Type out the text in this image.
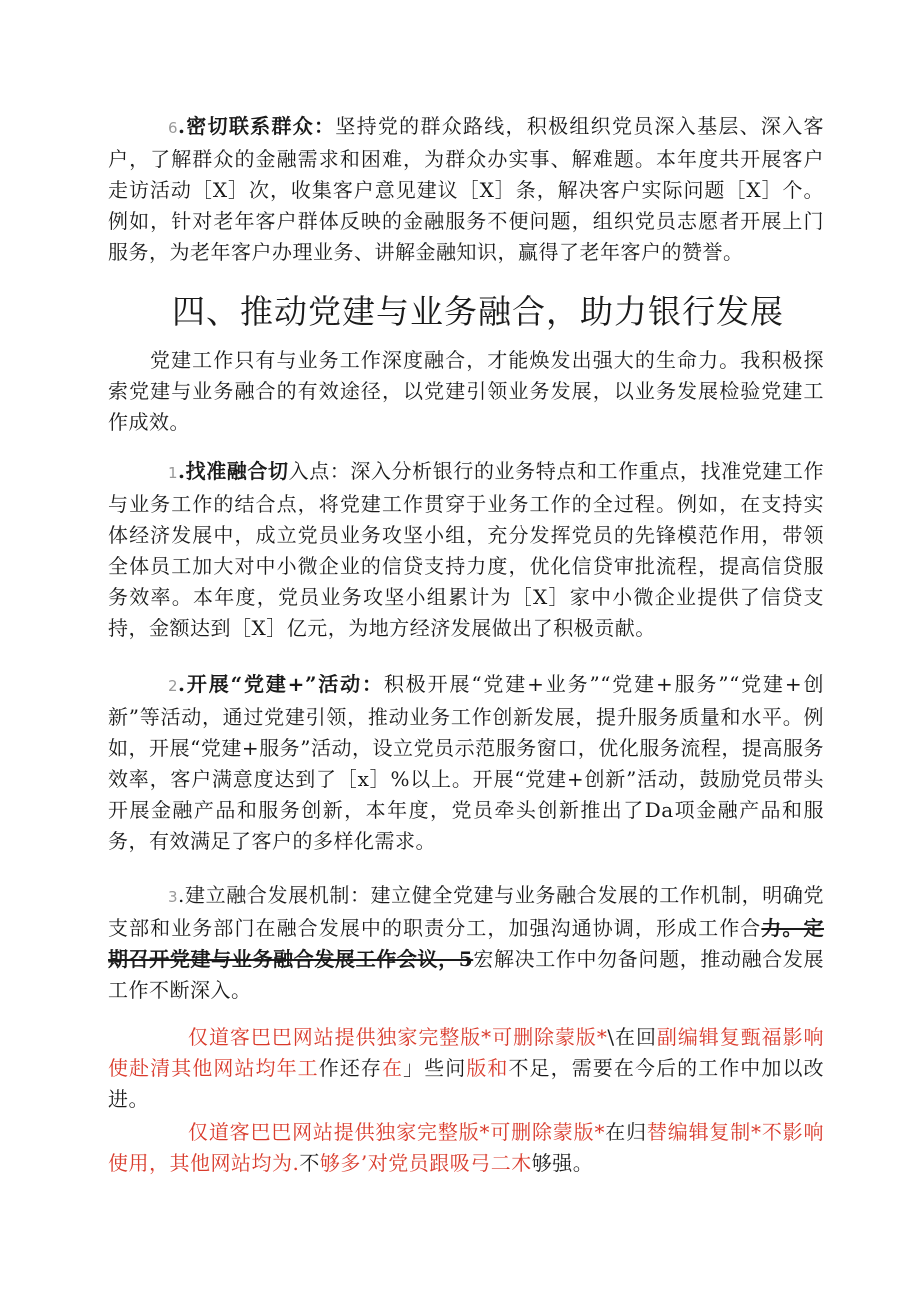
6.密切联系群众：坚持党的群众路线，积极组织党员深入基层、深入客户，了解群众的金融需求和困难，为群众办实事、解难题。本年度共开展客户走访活动［X］次，收集客户意见建议［X］条，解决客户实际问题［X］个。例如，针对老年客户群体反映的金融服务不便问题，组织党员志愿者开展上门服务，为老年客户办理业务、讲解金融知识，赢得了老年客户的赞誉。

四、推动党建与业务融合，助力银行发展

党建工作只有与业务工作深度融合，才能焕发出强大的生命力。我积极探索党建与业务融合的有效途径，以党建引领业务发展，以业务发展检验党建工作成效。

1.找准融合切入点：深入分析银行的业务特点和工作重点，找准党建工作与业务工作的结合点，将党建工作贯穿于业务工作的全过程。例如，在支持实体经济发展中，成立党员业务攻坚小组，充分发挥党员的先锋模范作用，带领全体员工加大对中小微企业的信贷支持力度，优化信贷审批流程，提高信贷服务效率。本年度，党员业务攻坚小组累计为［X］家中小微企业提供了信贷支持，金额达到［X］亿元，为地方经济发展做出了积极贡献。

2.开展“党建+”活动：积极开展“党建+业务”“党建+服务”“党建+创新”等活动，通过党建引领，推动业务工作创新发展，提升服务质量和水平。例如，开展“党建+服务”活动，设立党员示范服务窗口，优化服务流程，提高服务效率，客户满意度达到了［x］%以上。开展“党建+创新”活动，鼓励党员带头开展金融产品和服务创新，本年度，党员牵头创新推出了Da项金融产品和服务，有效满足了客户的多样化需求。

3.建立融合发展机制：建立健全党建与业务融合发展的工作机制，明确党支部和业务部门在融合发展中的职责分工，加强沟通协调，形成工作合力。定期召开党建与业务融合发展工作会议，5宏解决工作中勿备问题，推动融合发展工作不断深入。

仅道客巴巴网站提供独家完整版*可删除蒙版*\在回副编辑复甄福影响使赴清其他网站均年工作还存在」些问版和不足，需要在今后的工作中加以改进。

仅道客巴巴网站提供独家完整版*可删除蒙版*在归替编辑复制*不影响使用，其他网站均为.不够多’对党员跟吸弓二木够强。
